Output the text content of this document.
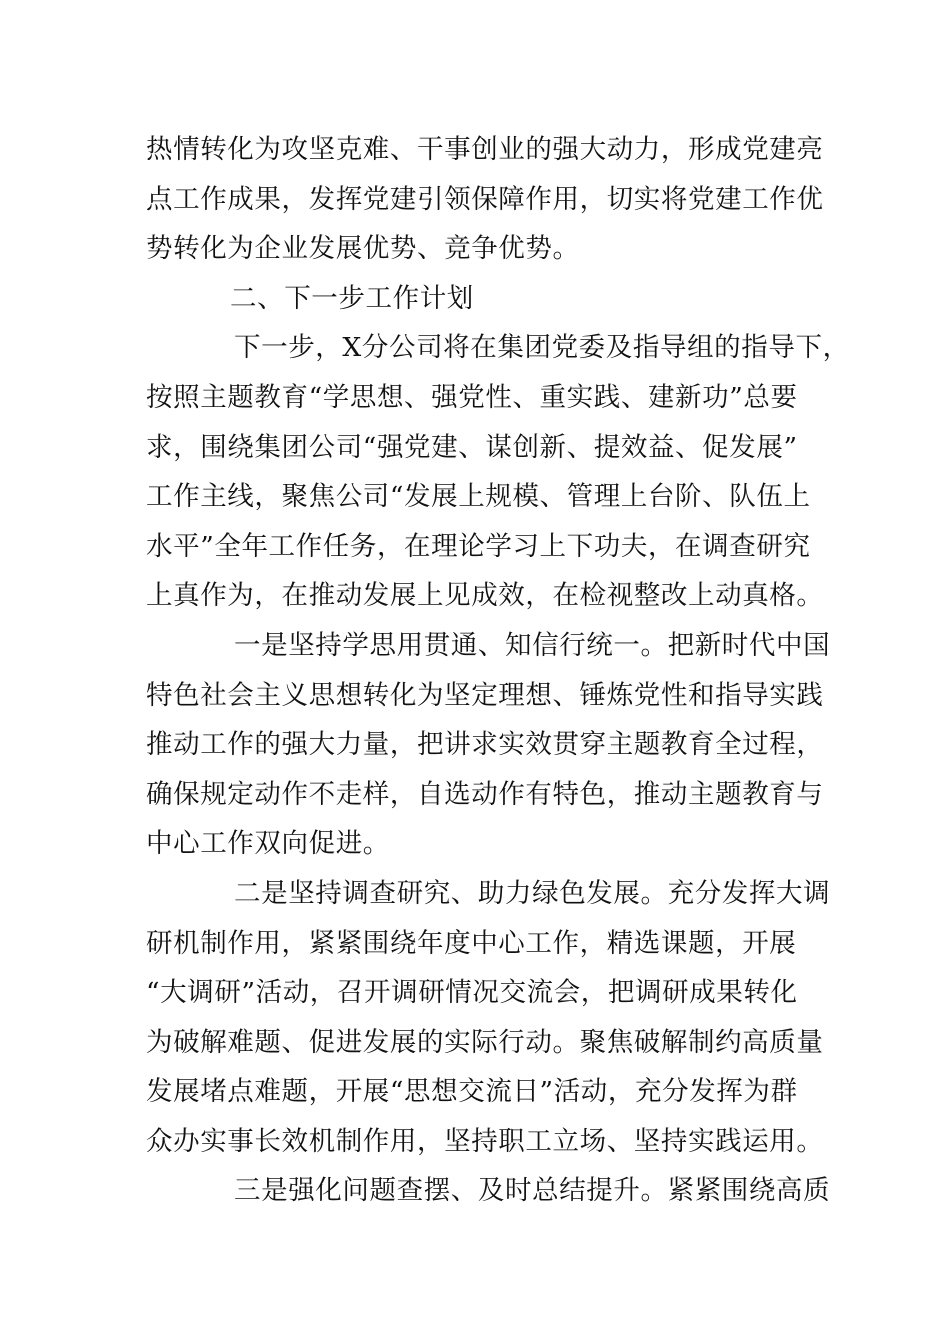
热情转化为攻坚克难、干事创业的强大动力，形成党建亮
点工作成果，发挥党建引领保障作用，切实将党建工作优
势转化为企业发展优势、竞争优势。
二、下一步工作计划
下一步，X分公司将在集团党委及指导组的指导下，
按照主题教育“学思想、强党性、重实践、建新功”总要
求，围绕集团公司“强党建、谋创新、提效益、促发展”
工作主线，聚焦公司“发展上规模、管理上台阶、队伍上
水平”全年工作任务，在理论学习上下功夫，在调查研究
上真作为，在推动发展上见成效，在检视整改上动真格。
一是坚持学思用贯通、知信行统一。把新时代中国
特色社会主义思想转化为坚定理想、锤炼党性和指导实践
推动工作的强大力量，把讲求实效贯穿主题教育全过程，
确保规定动作不走样，自选动作有特色，推动主题教育与
中心工作双向促进。
二是坚持调查研究、助力绿色发展。充分发挥大调
研机制作用，紧紧围绕年度中心工作，精选课题，开展
“大调研”活动，召开调研情况交流会，把调研成果转化
为破解难题、促进发展的实际行动。聚焦破解制约高质量
发展堵点难题，开展“思想交流日”活动，充分发挥为群
众办实事长效机制作用，坚持职工立场、坚持实践运用。
三是强化问题查摆、及时总结提升。紧紧围绕高质
